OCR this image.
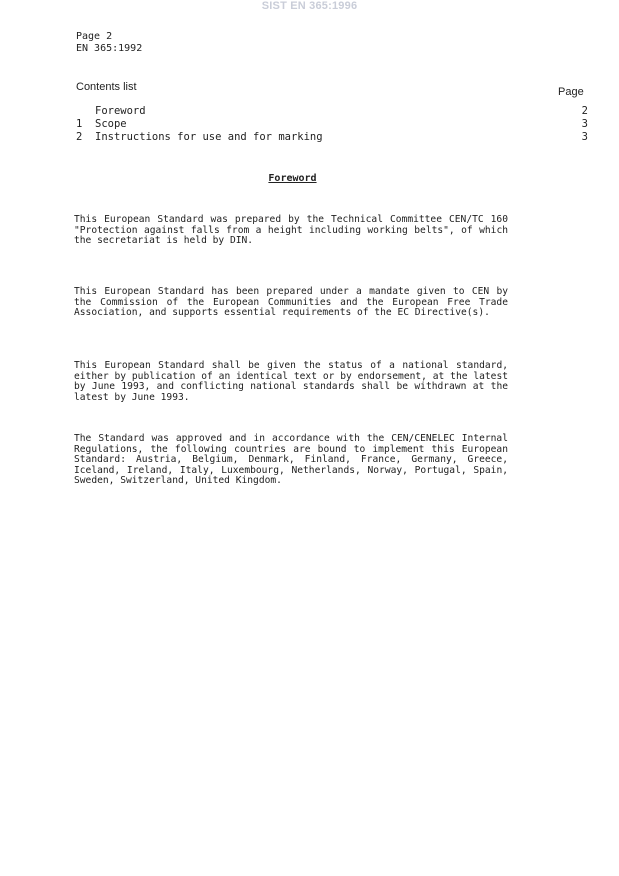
SIST EN 365:1996
Page 2
EN 365:1992
Contents list	Page
Foreword	2
1 Scope	3
2 Instructions for use and for marking	3
Foreword

This European Standard was prepared by the Technical Committee CEN/TC 160 "Protection against falls from a height including working belts", of which the secretariat is held by DIN.

This European Standard has been prepared under a mandate given to CEN by the Commission of the European Communities and the European Free Trade Association, and supports essential requirements of the EC Directive(s).

This European Standard shall be given the status of a national standard, either by publication of an identical text or by endorsement, at the latest by June 1993, and conflicting national standards shall be withdrawn at the latest by June 1993.

The Standard was approved and in accordance with the CEN/CENELEC Internal Regulations, the following countries are bound to implement this European Standard: Austria, Belgium, Denmark, Finland, France, Germany, Greece, Iceland, Ireland, Italy, Luxembourg, Netherlands, Norway, Portugal, Spain, Sweden, Switzerland, United Kingdom.
